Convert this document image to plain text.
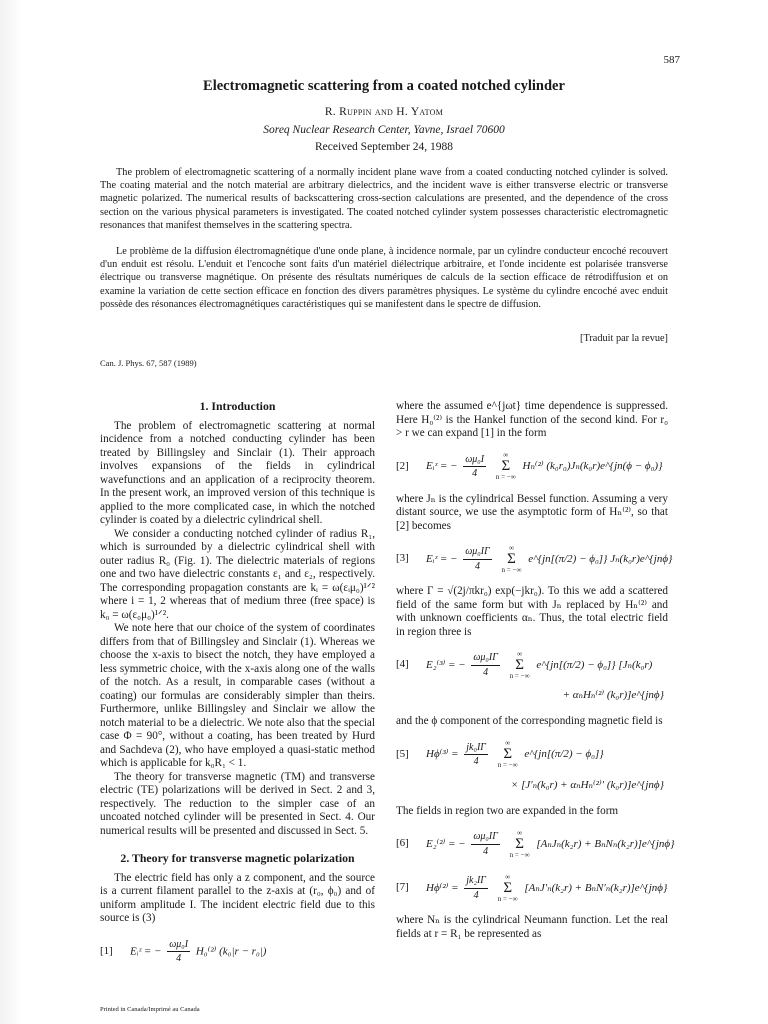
587
Electromagnetic scattering from a coated notched cylinder
R. Ruppin and H. Yatom
Soreq Nuclear Research Center, Yavne, Israel 70600
Received September 24, 1988

The problem of electromagnetic scattering of a normally incident plane wave from a coated conducting notched cylinder is solved. The coating material and the notch material are arbitrary dielectrics, and the incident wave is either transverse electric or transverse magnetic polarized. The numerical results of backscattering cross-section calculations are presented, and the dependence of the cross section on the various physical parameters is investigated. The coated notched cylinder system possesses characteristic electromagnetic resonances that manifest themselves in the scattering spectra.

Le problème de la diffusion électromagnétique d'une onde plane, à incidence normale, par un cylindre conducteur encoché recouvert d'un enduit est résolu. L'enduit et l'encoche sont faits d'un matériel diélectrique arbitraire, et l'onde incidente est polarisée transverse électrique ou transverse magnétique. On présente des résultats numériques de calculs de la section efficace de rétrodiffusion et on examine la variation de cette section efficace en fonction des divers paramètres physiques. Le système du cylindre encoché avec enduit possède des résonances électromagnétiques caractéristiques qui se manifestent dans le spectre de diffusion.

[Traduit par la revue]
Can. J. Phys. 67, 587 (1989)
1. Introduction

The problem of electromagnetic scattering at normal incidence from a notched conducting cylinder has been treated by Billingsley and Sinclair (1). Their approach involves expansions of the fields in cylindrical wavefunctions and an application of a reciprocity theorem. In the present work, an improved version of this technique is applied to the more complicated case, in which the notched cylinder is coated by a dielectric cylindrical shell.

We consider a conducting notched cylinder of radius R₁, which is surrounded by a dielectric cylindrical shell with outer radius R₀ (Fig. 1). The dielectric materials of regions one and two have dielectric constants ε₁ and ε₂, respectively. The corresponding propagation constants are kᵢ = ω(εᵢμ₀)¹ᐟ² where i = 1, 2 whereas that of medium three (free space) is k₀ = ω(ε₀μ₀)¹ᐟ².

We note here that our choice of the system of coordinates differs from that of Billingsley and Sinclair (1). Whereas we choose the x-axis to bisect the notch, they have employed a less symmetric choice, with the x-axis along one of the walls of the notch. As a result, in comparable cases (without a coating) our formulas are considerably simpler than theirs. Furthermore, unlike Billingsley and Sinclair we allow the notch material to be a dielectric. We note also that the special case Φ = 90°, without a coating, has been treated by Hurd and Sachdeva (2), who have employed a quasi-static method which is applicable for k₀R₁ < 1.

The theory for transverse magnetic (TM) and transverse electric (TE) polarizations will be derived in Sect. 2 and 3, respectively. The reduction to the simpler case of an uncoated notched cylinder will be presented in Sect. 4. Our numerical results will be presented and discussed in Sect. 5.

2. Theory for transverse magnetic polarization

The electric field has only a z component, and the source is a current filament parallel to the z-axis at (r₀, ϕ₀) and of uniform amplitude I. The incident electric field due to this source is (3)

[1]	Eᵢᶻ = − $\frac{\text{ωμ₀I}}{4} H_0^{(2)}$ (k₀|r − r₀|)

where the assumed e^{jωt} time dependence is suppressed. Here H₀⁽²⁾ is the Hankel function of the second kind. For r₀ > r we can expand [1] in the form

[2]	Eᵢᶻ = − $\frac{\text{ωμ₀I}}{4}$
∞
Σ
n = −∞
Hₙ⁽²⁾ (k₀r₀)Jₙ(k₀r)e^{jn(ϕ − ϕ₀)}

where Jₙ is the cylindrical Bessel function. Assuming a very distant source, we use the asymptotic form of Hₙ⁽²⁾, so that [2] becomes

[3]	Eᵢᶻ = − $\frac{\text{ωμ₀IΓ}}{4}$
∞
Σ
n = −∞
e^{jn[(π/2) − ϕ₀]} Jₙ(k₀r)e^{jnϕ}

where Γ = √(2j/πkr₀) exp(−jkr₀). To this we add a scattered field of the same form but with Jₙ replaced by Hₙ⁽²⁾ and with unknown coefficients αₙ. Thus, the total electric field in region three is

[4]	E₂⁽³⁾ = − $\frac{\text{ωμ₀IΓ}}{4}$
∞
Σ
n = −∞
e^{jn[(π/2) − ϕ₀]} [Jₙ(k₀r)
+ αₙHₙ⁽²⁾ (k₀r)]e^{jnϕ}

and the ϕ component of the corresponding magnetic field is

[5]	$H\phi^{(3)} = \frac{\text{jk₀IΓ}}{4}$
∞
Σ
n = −∞
e^{jn[(π/2) − ϕ₀]}
× [J′ₙ(k₀r) + αₙHₙ⁽²⁾′ (k₀r)]e^{jnϕ}

The fields in region two are expanded in the form

[6]	E₂⁽²⁾ = − $\frac{\text{ωμ₀IΓ}}{4}$
∞
Σ
n = −∞
[AₙJₙ(k₂r) + BₙNₙ(k₂r)]e^{jnϕ}
[7]	$H\phi^{(2)} = \frac{\text{jk₂IΓ}}{4}$
∞
Σ
n = −∞
[AₙJ′ₙ(k₂r) + BₙN′ₙ(k₂r)]e^{jnϕ}

where Nₙ is the cylindrical Neumann function. Let the real fields at r = R₁ be represented as

Printed in Canada/Imprimé au Canada
